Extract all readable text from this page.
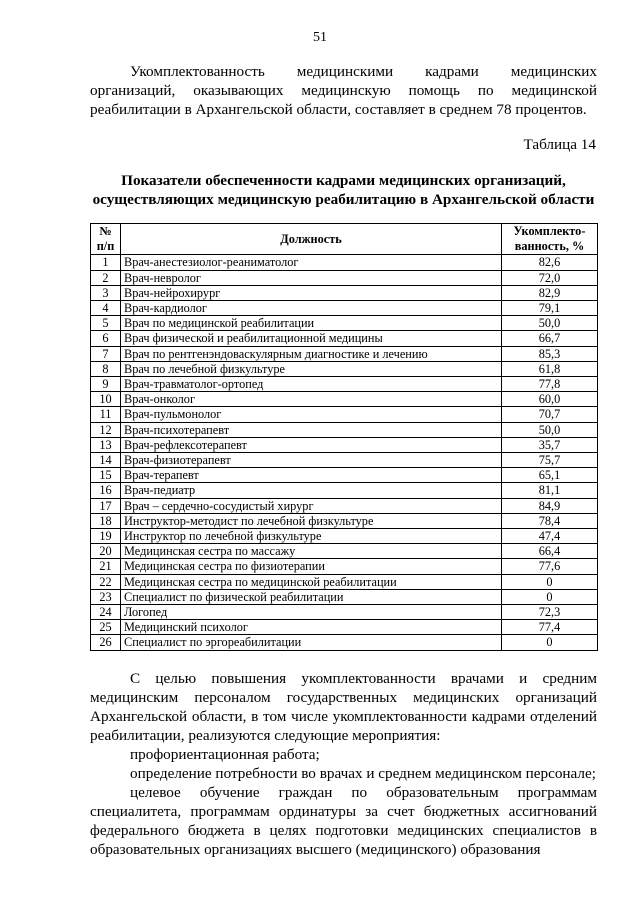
51

Укомплектованность медицинскими кадрами медицинских организаций, оказывающих медицинскую помощь по медицинской реабилитации в Архангельской области, составляет в среднем 78 процентов.

Таблица 14

Показатели обеспеченности кадрами медицинских организаций,
осуществляющих медицинскую реабилитацию в Архангельской области

№ п/п	Должность	Укомплекто- ванность, %
1	Врач-анестезиолог-реаниматолог	82,6
2	Врач-невролог	72,0
3	Врач-нейрохирург	82,9
4	Врач-кардиолог	79,1
5	Врач по медицинской реабилитации	50,0
6	Врач физической и реабилитационной медицины	66,7
7	Врач по рентгенэндоваскулярным диагностике и лечению	85,3
8	Врач по лечебной физкультуре	61,8
9	Врач-травматолог-ортопед	77,8
10	Врач-онколог	60,0
11	Врач-пульмонолог	70,7
12	Врач-психотерапевт	50,0
13	Врач-рефлексотерапевт	35,7
14	Врач-физиотерапевт	75,7
15	Врач-терапевт	65,1
16	Врач-педиатр	81,1
17	Врач – сердечно-сосудистый хирург	84,9
18	Инструктор-методист по лечебной физкультуре	78,4
19	Инструктор по лечебной физкультуре	47,4
20	Медицинская сестра по массажу	66,4
21	Медицинская сестра по физиотерапии	77,6
22	Медицинская сестра по медицинской реабилитации	0
23	Специалист по физической реабилитации	0
24	Логопед	72,3
25	Медицинский психолог	77,4
26	Специалист по эргореабилитации	0

С целью повышения укомплектованности врачами и средним медицинским персоналом государственных медицинских организаций Архангельской области, в том числе укомплектованности кадрами отделений реабилитации, реализуются следующие мероприятия:

профориентационная работа;

определение потребности во врачах и среднем медицинском персонале;

целевое обучение граждан по образовательным программам специалитета, программам ординатуры за счет бюджетных ассигнований федерального бюджета в целях подготовки медицинских специалистов в образовательных организациях высшего (медицинского) образования
